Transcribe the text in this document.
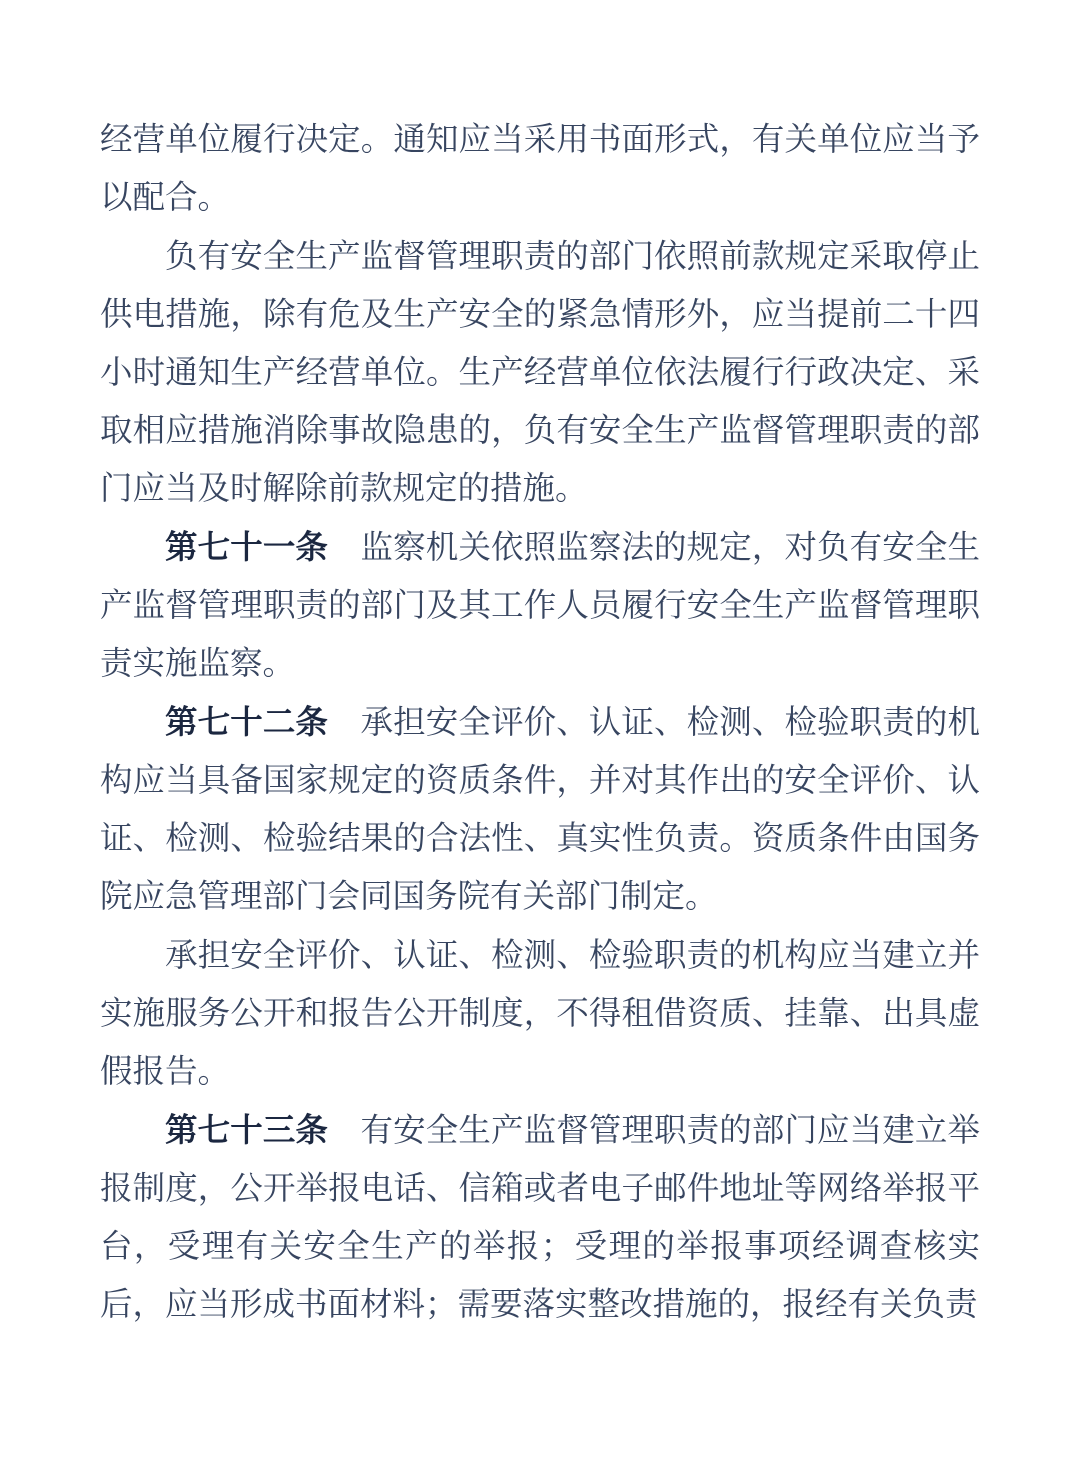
经营单位履行决定。通知应当采用书面形式，有关单位应当予以配合。

负有安全生产监督管理职责的部门依照前款规定采取停止供电措施，除有危及生产安全的紧急情形外，应当提前二十四小时通知生产经营单位。生产经营单位依法履行行政决定、采取相应措施消除事故隐患的，负有安全生产监督管理职责的部门应当及时解除前款规定的措施。

第七十一条 监察机关依照监察法的规定，对负有安全生产监督管理职责的部门及其工作人员履行安全生产监督管理职责实施监察。

第七十二条 承担安全评价、认证、检测、检验职责的机构应当具备国家规定的资质条件，并对其作出的安全评价、认证、检测、检验结果的合法性、真实性负责。资质条件由国务院应急管理部门会同国务院有关部门制定。

承担安全评价、认证、检测、检验职责的机构应当建立并实施服务公开和报告公开制度，不得租借资质、挂靠、出具虚假报告。

第七十三条 有安全生产监督管理职责的部门应当建立举报制度，公开举报电话、信箱或者电子邮件地址等网络举报平台，受理有关安全生产的举报；受理的举报事项经调查核实后，应当形成书面材料；需要落实整改措施的，报经有关负责
